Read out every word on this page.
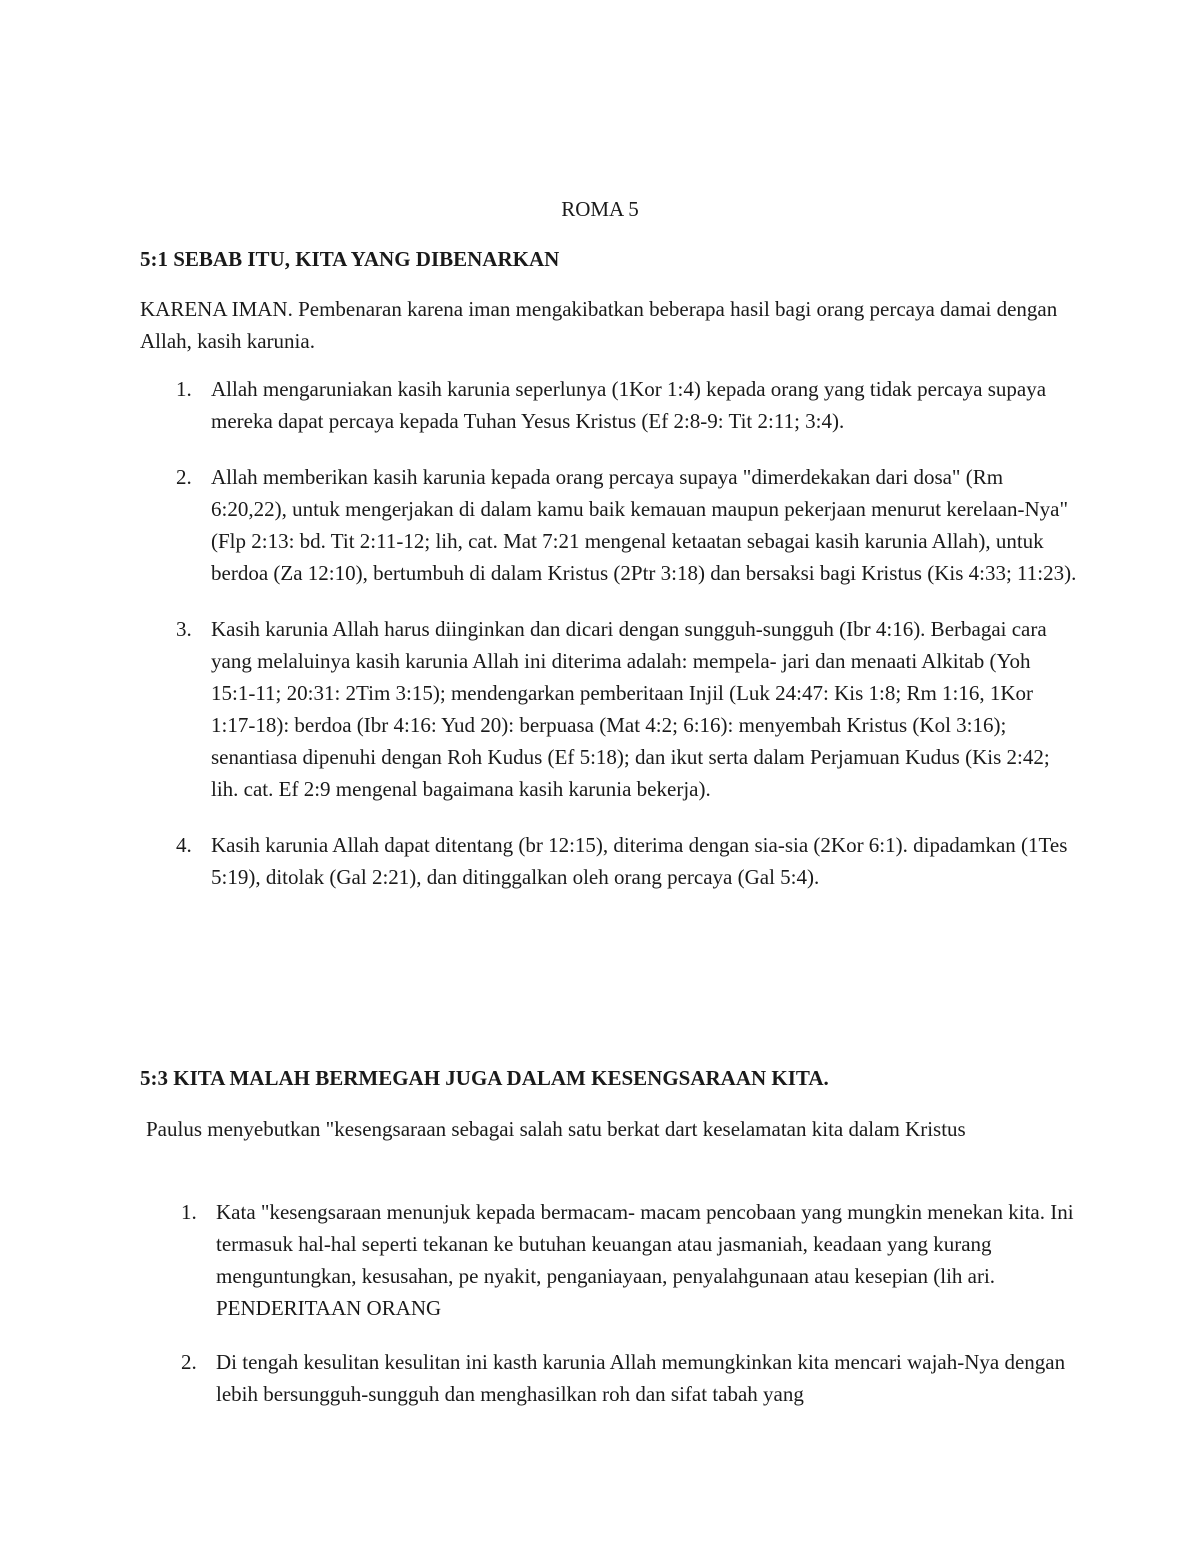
ROMA 5
5:1 SEBAB ITU, KITA YANG DIBENARKAN
KARENA IMAN. Pembenaran karena iman mengakibatkan beberapa hasil bagi orang percaya damai dengan Allah, kasih karunia.
1. Allah mengaruniakan kasih karunia seperlunya (1Kor 1:4) kepada orang yang tidak percaya supaya mereka dapat percaya kepada Tuhan Yesus Kristus (Ef 2:8-9: Tit 2:11; 3:4).
2. Allah memberikan kasih karunia kepada orang percaya supaya "dimerdekakan dari dosa" (Rm 6:20,22), untuk mengerjakan di dalam kamu baik kemauan maupun pekerjaan menurut kerelaan-Nya" (Flp 2:13: bd. Tit 2:11-12; lih, cat. Mat 7:21 mengenal ketaatan sebagai kasih karunia Allah), untuk berdoa (Za 12:10), bertumbuh di dalam Kristus (2Ptr 3:18) dan bersaksi bagi Kristus (Kis 4:33; 11:23).
3. Kasih karunia Allah harus diinginkan dan dicari dengan sungguh-sungguh (Ibr 4:16). Berbagai cara yang melaluinya kasih karunia Allah ini diterima adalah: mempela- jari dan menaati Alkitab (Yoh 15:1-11; 20:31: 2Tim 3:15); mendengarkan pemberitaan Injil (Luk 24:47: Kis 1:8; Rm 1:16, 1Kor 1:17-18): berdoa (Ibr 4:16: Yud 20): berpuasa (Mat 4:2; 6:16): menyembah Kristus (Kol 3:16); senantiasa dipenuhi dengan Roh Kudus (Ef 5:18); dan ikut serta dalam Perjamuan Kudus (Kis 2:42; lih. cat. Ef 2:9 mengenal bagaimana kasih karunia bekerja).
4. Kasih karunia Allah dapat ditentang (br 12:15), diterima dengan sia-sia (2Kor 6:1). dipadamkan (1Tes 5:19), ditolak (Gal 2:21), dan ditinggalkan oleh orang percaya (Gal 5:4).
5:3 KITA MALAH BERMEGAH JUGA DALAM KESENGSARAAN KITA.
Paulus menyebutkan "kesengsaraan sebagai salah satu berkat dart keselamatan kita dalam Kristus
1. Kata "kesengsaraan menunjuk kepada bermacam- macam pencobaan yang mungkin menekan kita. Ini termasuk hal-hal seperti tekanan ke butuhan keuangan atau jasmaniah, keadaan yang kurang menguntungkan, kesusahan, pe nyakit, penganiayaan, penyalahgunaan atau kesepian (lih ari. PENDERITAAN ORANG
2. Di tengah kesulitan kesulitan ini kasth karunia Allah memungkinkan kita mencari wajah-Nya dengan lebih bersungguh-sungguh dan menghasilkan roh dan sifat tabah yang
